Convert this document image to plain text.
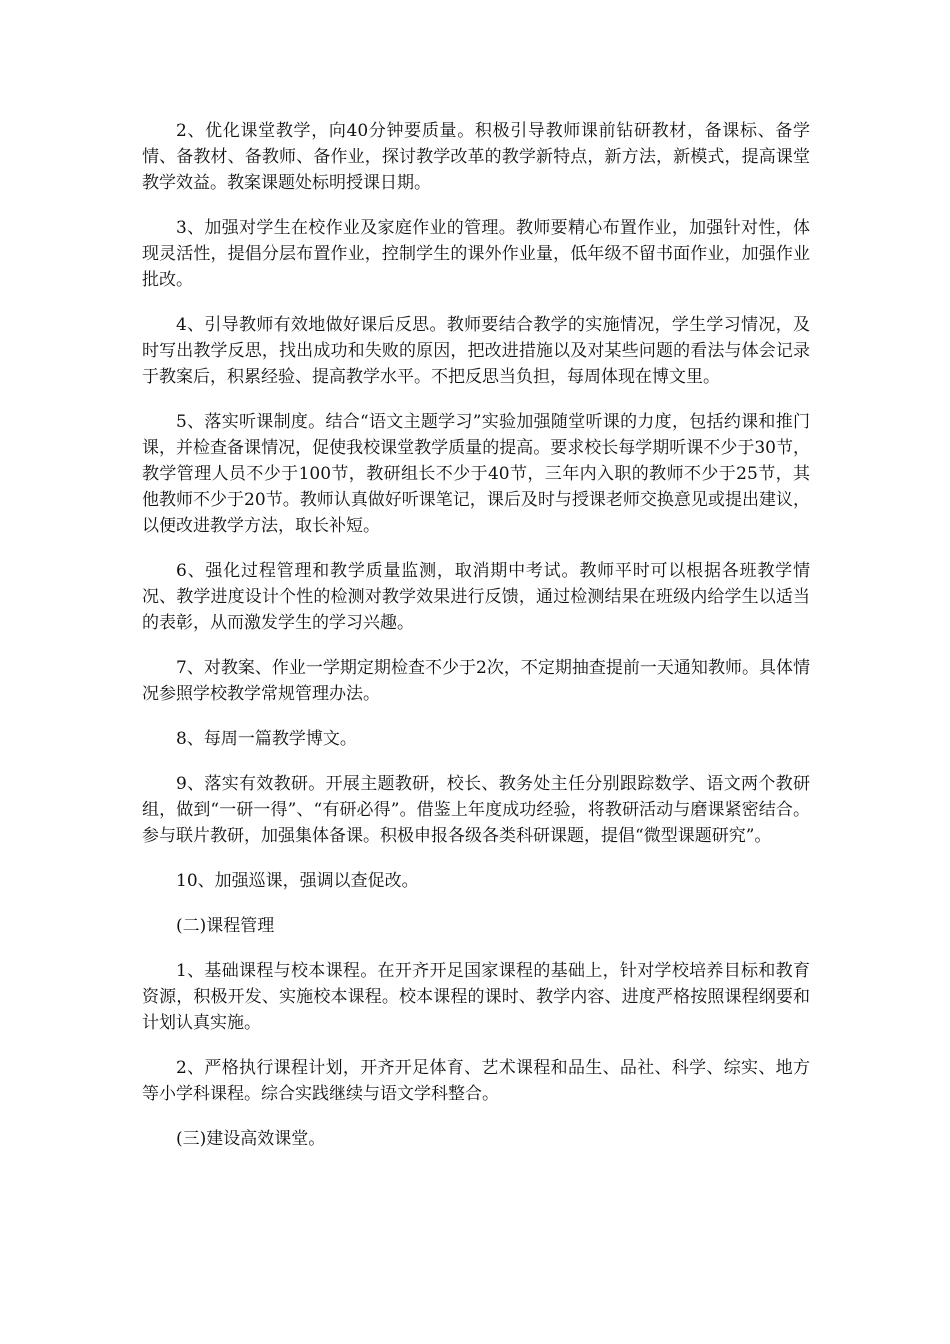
2、优化课堂教学，向40分钟要质量。积极引导教师课前钻研教材，备课标、备学情、备教材、备教师、备作业，探讨教学改革的教学新特点，新方法，新模式，提高课堂教学效益。教案课题处标明授课日期。

3、加强对学生在校作业及家庭作业的管理。教师要精心布置作业，加强针对性，体现灵活性，提倡分层布置作业，控制学生的课外作业量，低年级不留书面作业，加强作业批改。

4、引导教师有效地做好课后反思。教师要结合教学的实施情况，学生学习情况，及时写出教学反思，找出成功和失败的原因，把改进措施以及对某些问题的看法与体会记录于教案后，积累经验、提高教学水平。不把反思当负担，每周体现在博文里。

5、落实听课制度。结合“语文主题学习”实验加强随堂听课的力度，包括约课和推门课，并检查备课情况，促使我校课堂教学质量的提高。要求校长每学期听课不少于30节，教学管理人员不少于100节，教研组长不少于40节，三年内入职的教师不少于25节，其他教师不少于20节。教师认真做好听课笔记，课后及时与授课老师交换意见或提出建议，以便改进教学方法，取长补短。

6、强化过程管理和教学质量监测，取消期中考试。教师平时可以根据各班教学情况、教学进度设计个性的检测对教学效果进行反馈，通过检测结果在班级内给学生以适当的表彰，从而激发学生的学习兴趣。

7、对教案、作业一学期定期检查不少于2次，不定期抽查提前一天通知教师。具体情况参照学校教学常规管理办法。

8、每周一篇教学博文。

9、落实有效教研。开展主题教研，校长、教务处主任分别跟踪数学、语文两个教研组，做到“一研一得”、“有研必得”。借鉴上年度成功经验，将教研活动与磨课紧密结合。参与联片教研，加强集体备课。积极申报各级各类科研课题，提倡“微型课题研究”。

10、加强巡课，强调以查促改。

(二)课程管理

1、基础课程与校本课程。在开齐开足国家课程的基础上，针对学校培养目标和教育资源，积极开发、实施校本课程。校本课程的课时、教学内容、进度严格按照课程纲要和计划认真实施。

2、严格执行课程计划，开齐开足体育、艺术课程和品生、品社、科学、综实、地方等小学科课程。综合实践继续与语文学科整合。

(三)建设高效课堂。
